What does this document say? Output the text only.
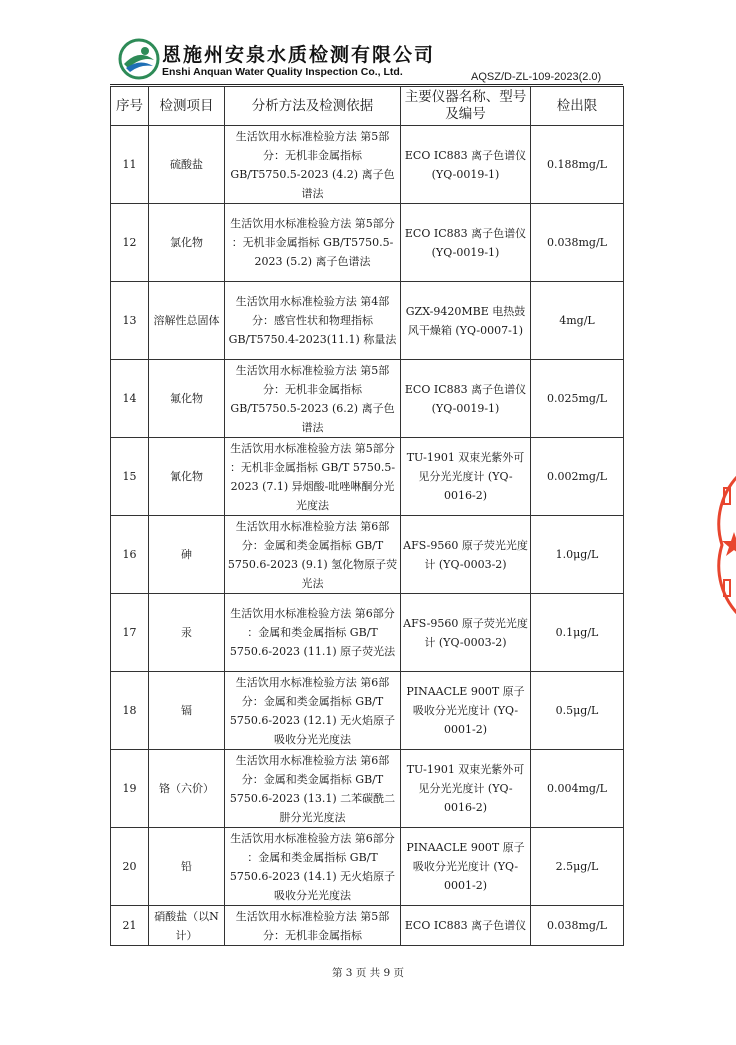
恩施州安泉水质检测有限公司
Enshi Anquan Water Quality Inspection Co., Ltd.	AQSZ/D-ZL-109-2023(2.0)
序号	检测项目	分析方法及检测依据	主要仪器名称、型号及编号	检出限
11	硫酸盐	生活饮用水标准检验方法 第5部分：无机非金属指标 GB/T5750.5-2023 (4.2) 离子色谱法	ECO IC883 离子色谱仪 (YQ-0019-1)	0.188mg/L
12	氯化物	生活饮用水标准检验方法 第5部分 ：无机非金属指标 GB/T5750.5-2023 (5.2) 离子色谱法	ECO IC883 离子色谱仪 (YQ-0019-1)	0.038mg/L
13	溶解性总固体	生活饮用水标准检验方法 第4部分：感官性状和物理指标 GB/T5750.4-2023(11.1) 称量法	GZX-9420MBE 电热鼓风干燥箱 (YQ-0007-1)	4mg/L
14	氟化物	生活饮用水标准检验方法 第5部分：无机非金属指标 GB/T5750.5-2023 (6.2) 离子色谱法	ECO IC883 离子色谱仪 (YQ-0019-1)	0.025mg/L
15	氰化物	生活饮用水标准检验方法 第5部分 ：无机非金属指标 GB/T 5750.5-2023 (7.1) 异烟酸-吡唑啉酮分光光度法	TU-1901 双束光紫外可见分光光度计 (YQ-0016-2)	0.002mg/L
16	砷	生活饮用水标准检验方法 第6部分：金属和类金属指标 GB/T 5750.6-2023 (9.1) 氢化物原子荧光法	AFS-9560 原子荧光光度计 (YQ-0003-2)	1.0μg/L
17	汞	生活饮用水标准检验方法 第6部分 ：金属和类金属指标 GB/T 5750.6-2023 (11.1) 原子荧光法	AFS-9560 原子荧光光度计 (YQ-0003-2)	0.1μg/L
18	镉	生活饮用水标准检验方法 第6部分：金属和类金属指标 GB/T 5750.6-2023 (12.1) 无火焰原子吸收分光光度法	PINAACLE 900T 原子吸收分光光度计 (YQ-0001-2)	0.5μg/L
19	铬（六价）	生活饮用水标准检验方法 第6部分：金属和类金属指标 GB/T 5750.6-2023 (13.1) 二苯碳酰二肼分光光度法	TU-1901 双束光紫外可见分光光度计 (YQ-0016-2)	0.004mg/L
20	铅	生活饮用水标准检验方法 第6部分 ：金属和类金属指标 GB/T 5750.6-2023 (14.1) 无火焰原子吸收分光光度法	PINAACLE 900T 原子吸收分光光度计 (YQ-0001-2)	2.5μg/L
21	硝酸盐（以N计）	生活饮用水标准检验方法 第5部分：无机非金属指标	ECO IC883 离子色谱仪	0.038mg/L
第 3 页 共 9 页
